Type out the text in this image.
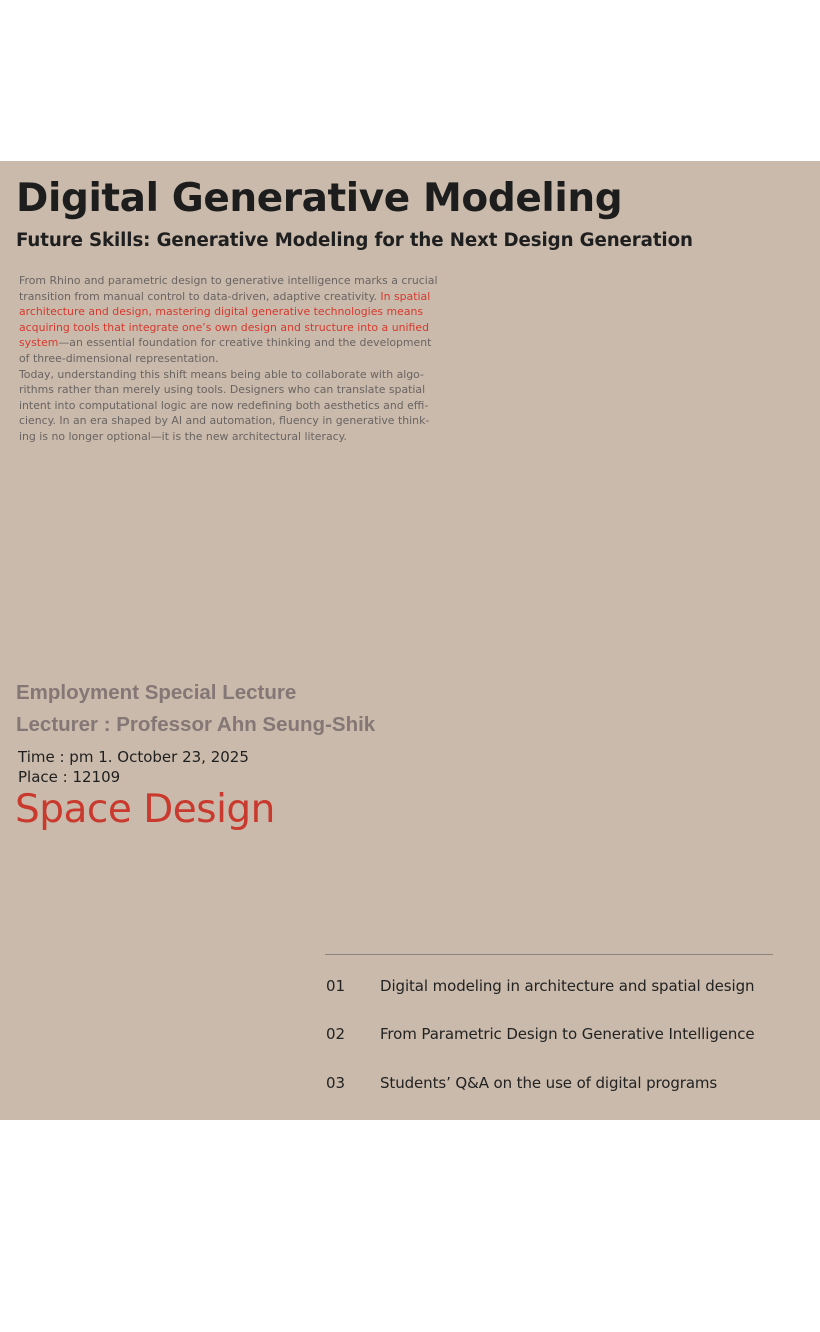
Digital Generative Modeling
Future Skills: Generative Modeling for the Next Design Generation
From Rhino and parametric design to generative intelligence marks a crucial
transition from manual control to data-driven, adaptive creativity. In spatial
architecture and design, mastering digital generative technologies means
acquiring tools that integrate one’s own design and structure into a unified
system—an essential foundation for creative thinking and the development
of three-dimensional representation.
Today, understanding this shift means being able to collaborate with algo-
rithms rather than merely using tools. Designers who can translate spatial
intent into computational logic are now redefining both aesthetics and effi-
ciency. In an era shaped by AI and automation, fluency in generative think-
ing is no longer optional—it is the new architectural literacy.

Employment Special Lecture

Lecturer : Professor Ahn Seung-Shik

Time : pm 1. October 23, 2025
Place : 12109
Space Design
01 Digital modeling in architecture and spatial design
02 From Parametric Design to Generative Intelligence
03 Students’ Q&A on the use of digital programs
